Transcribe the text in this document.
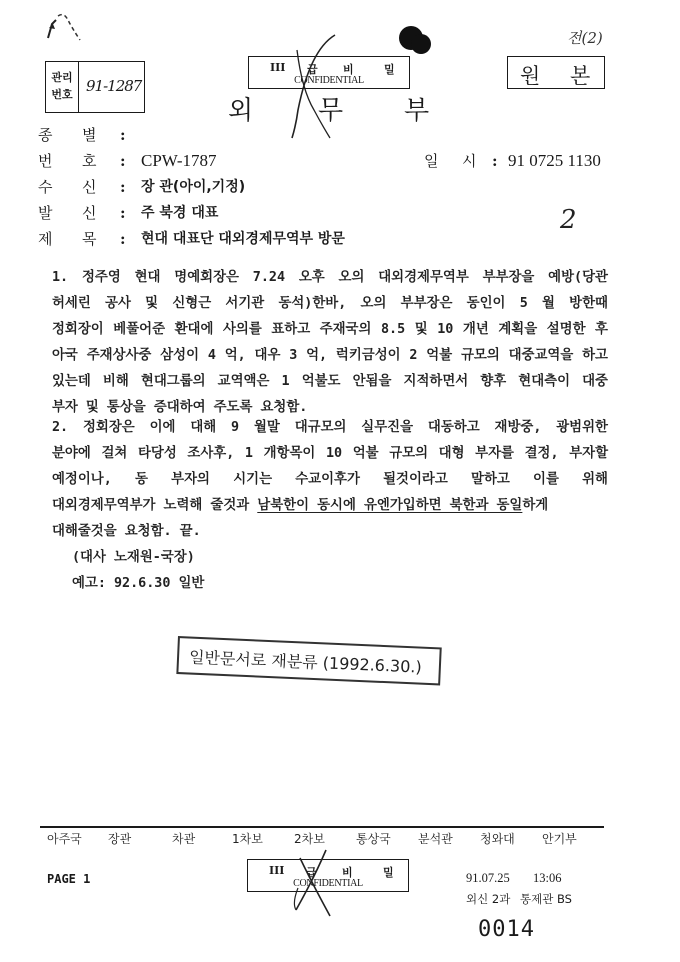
관리
번호 91-1287
III 급 비	밀
CONFIDENTIAL
전(2)
원 본
외 무 부
종 별 :
번 호 : CPW-1787
수 신 : 장 관(아이,기정)
발 신 : 주 북경 대표
제 목 : 현대 대표단 대외경제무역부 방문
일 시 : 91 0725 1130
2
1. 정주영 현대 명예회장은 7.24 오후 오의 대외경제무역부 부부장을 예방(당관
허세린 공사 및 신형근 서기관 동석)한바, 오의 부부장은 동인이 5 월 방한때
정회장이 베풀어준 환대에 사의를 표하고 주재국의 8.5 및 10 개년 계획을 설명한 후
아국 주재상사중 삼성이 4 억, 대우 3 억, 럭키금성이 2 억불 규모의 대중교역을 하고
있는데 비해 현대그룹의 교역액은 1 억불도 안됨을 지적하면서 향후 현대측이 대중
부자 및 통상을 증대하여 주도록 요청함.
2. 정회장은 이에 대해 9 월말 대규모의 실무진을 대동하고 재방중, 광범위한
분야에 걸쳐 타당성 조사후, 1 개항목이 10 억불 규모의 대형 부자를 결정, 부자할
예정이나, 동 부자의 시기는 수교이후가 될것이라고 말하고 이를 위해
대외경제무역부가 노력해 줄것과 남북한이 동시에 유엔가입하면 북한과 동일하게
대해줄것을 요청함. 끝.
(대사 노재원-국장)
예고: 92.6.30 일반
일반문서로 재분류 (1992.6.30.)
아주국 장관	차관	1차보	2차보	통상국 분석관 청와대 안기부
PAGE 1
III 급 비	밀
CONFIDENTIAL	91.07.25 13:06
외신 2과 통제관 BS
0014
